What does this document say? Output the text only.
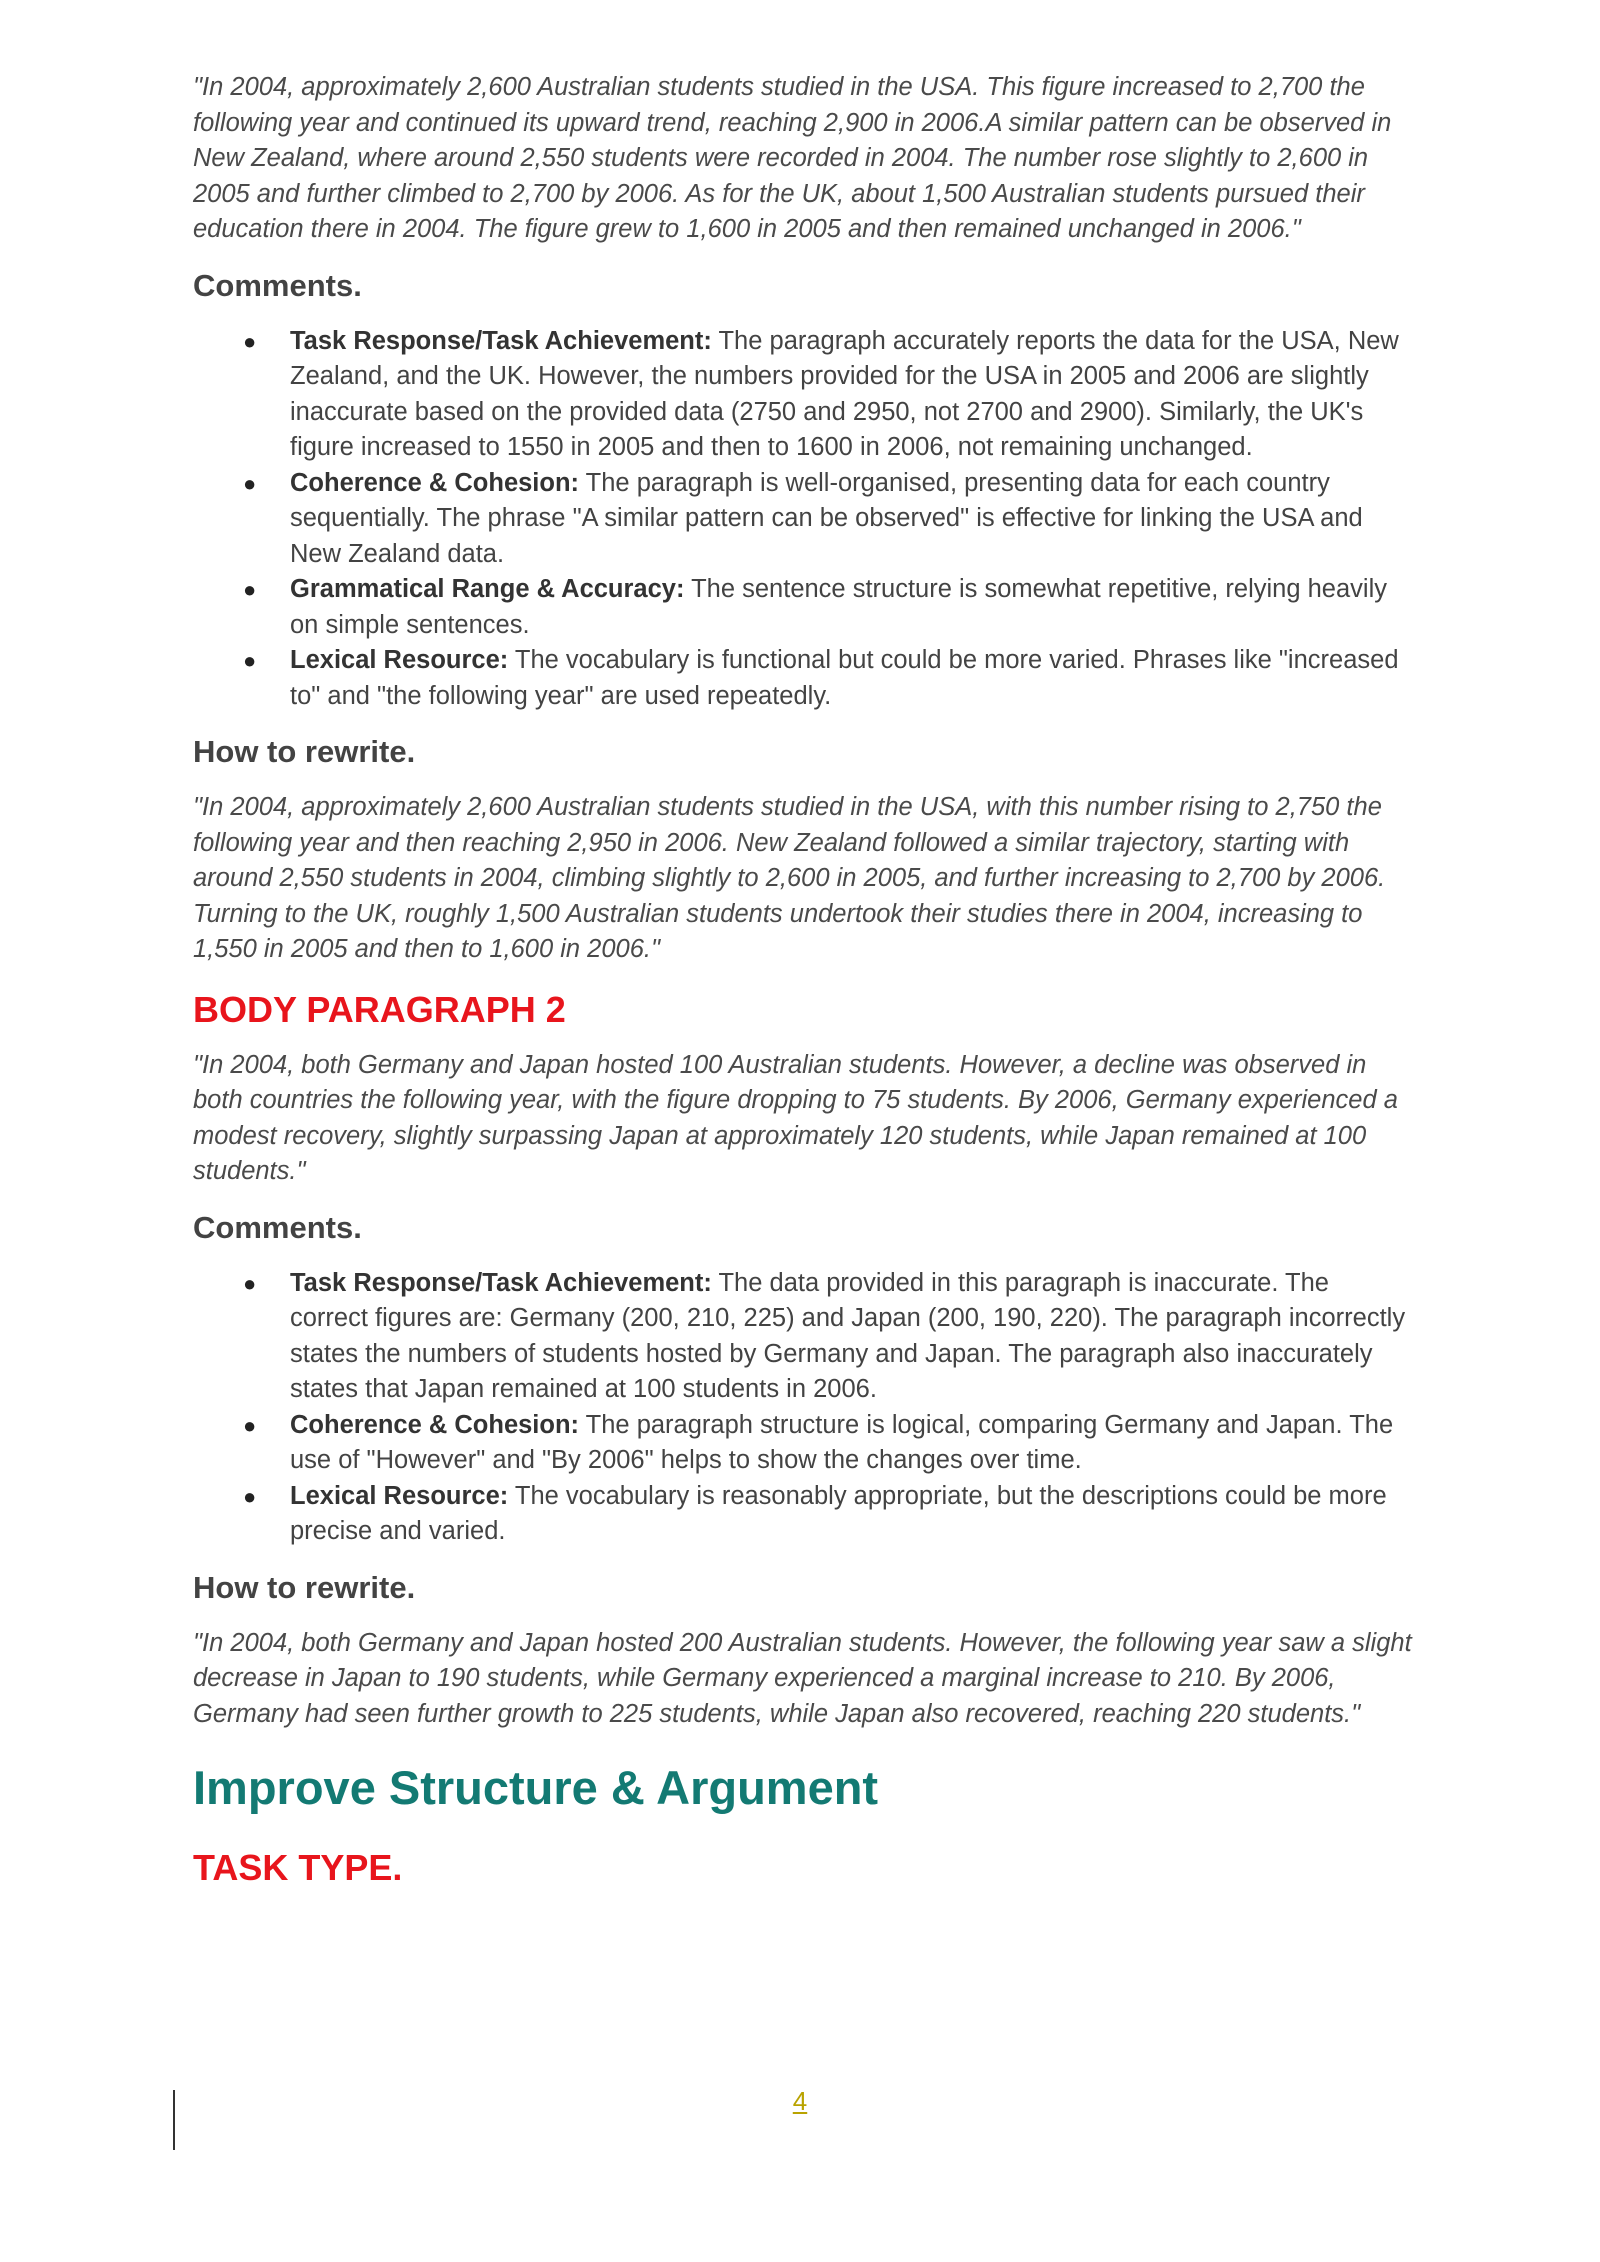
"In 2004, approximately 2,600 Australian students studied in the USA. This figure increased to 2,700 the following year and continued its upward trend, reaching 2,900 in 2006.A similar pattern can be observed in New Zealand, where around 2,550 students were recorded in 2004. The number rose slightly to 2,600 in 2005 and further climbed to 2,700 by 2006. As for the UK, about 1,500 Australian students pursued their education there in 2004. The figure grew to 1,600 in 2005 and then remained unchanged in 2006."

Comments.
● Task Response/Task Achievement: The paragraph accurately reports the data for the USA, New Zealand, and the UK. However, the numbers provided for the USA in 2005 and 2006 are slightly inaccurate based on the provided data (2750 and 2950, not 2700 and 2900). Similarly, the UK's figure increased to 1550 in 2005 and then to 1600 in 2006, not remaining unchanged.
● Coherence & Cohesion: The paragraph is well-organised, presenting data for each country sequentially. The phrase "A similar pattern can be observed" is effective for linking the USA and New Zealand data.
● Grammatical Range & Accuracy: The sentence structure is somewhat repetitive, relying heavily on simple sentences.
● Lexical Resource: The vocabulary is functional but could be more varied. Phrases like "increased to" and "the following year" are used repeatedly.
How to rewrite.

"In 2004, approximately 2,600 Australian students studied in the USA, with this number rising to 2,750 the following year and then reaching 2,950 in 2006. New Zealand followed a similar trajectory, starting with around 2,550 students in 2004, climbing slightly to 2,600 in 2005, and further increasing to 2,700 by 2006. Turning to the UK, roughly 1,500 Australian students undertook their studies there in 2004, increasing to 1,550 in 2005 and then to 1,600 in 2006."

BODY PARAGRAPH 2

"In 2004, both Germany and Japan hosted 100 Australian students. However, a decline was observed in both countries the following year, with the figure dropping to 75 students. By 2006, Germany experienced a modest recovery, slightly surpassing Japan at approximately 120 students, while Japan remained at 100 students."

Comments.
● Task Response/Task Achievement: The data provided in this paragraph is inaccurate. The correct figures are: Germany (200, 210, 225) and Japan (200, 190, 220). The paragraph incorrectly states the numbers of students hosted by Germany and Japan. The paragraph also inaccurately states that Japan remained at 100 students in 2006.
● Coherence & Cohesion: The paragraph structure is logical, comparing Germany and Japan. The use of "However" and "By 2006" helps to show the changes over time.
● Lexical Resource: The vocabulary is reasonably appropriate, but the descriptions could be more precise and varied.
How to rewrite.

"In 2004, both Germany and Japan hosted 200 Australian students. However, the following year saw a slight decrease in Japan to 190 students, while Germany experienced a marginal increase to 210. By 2006, Germany had seen further growth to 225 students, while Japan also recovered, reaching 220 students."

Improve Structure & Argument
TASK TYPE.
4
